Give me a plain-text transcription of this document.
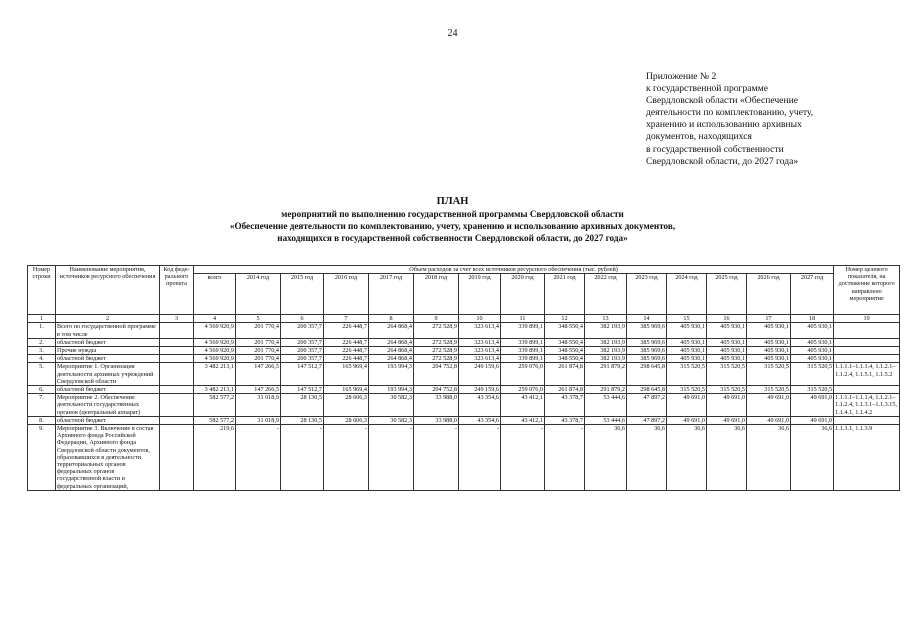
24
Приложение № 2
к государственной программе
Свердловской области «Обеспечение
деятельности по комплектованию, учету,
хранению и использованию архивных
документов, находящихся
в государственной собственности
Свердловской области, до 2027 года»
ПЛАН
мероприятий по выполнению государственной программы Свердловской области
«Обеспечение деятельности по комплектованию, учету, хранению и использованию архивных документов,
находящихся в государственной собственности Свердловской области, до 2027 года»
Номер строки	Наименование мероприятия, источников ресурсного обеспечения	Код феде-рального проекта	Объем расходов за счет всех источников ресурсного обеспечения (тыс. рублей)															Номер целевого показателя, на достижение которого направлено мероприятие
			всего	2014 год	2015 год	2016 год	2017 год	2018 год	2019 год	2020 год	2021 год	2022 год	2023 год	2024 год	2025 год	2026 год	2027 год	
1	2	3	4	5	6	7	8	9	10	11	12	13	14	15	16	17	18	19
1.	Всего по государственной программе в том числе		4 569 920,9	201 770,4	200 357,7	226 448,7	264 868,4	272 528,9	323 613,4	339 899,1	348 550,4	382 193,9	385 969,6	405 930,1	405 930,1	405 930,1	405 930,1	
2.	областной бюджет		4 569 920,9	201 770,4	200 357,7	226 448,7	264 868,4	272 528,9	323 613,4	339 899,1	348 550,4	382 193,9	385 969,6	405 930,1	405 930,1	405 930,1	405 930,1	
3.	Прочие нужды		4 569 920,9	201 770,4	200 357,7	226 448,7	264 868,4	272 528,9	323 613,4	339 899,1	348 550,4	382 193,9	385 969,6	405 930,1	405 930,1	405 930,1	405 930,1	
4.	областной бюджет		4 569 920,9	201 770,4	200 357,7	226 448,7	264 868,4	272 528,9	323 613,4	339 899,1	348 550,4	382 193,9	385 969,6	405 930,1	405 930,1	405 930,1	405 930,1	
5.	Мероприятие 1. Организация деятельности архивных учреждений Свердловской области		3 482 213,1	147 266,5	147 512,7	165 969,4	193 994,3	204 752,8	249 159,6	259 076,0	261 874,8	291 879,2	298 645,8	315 520,5	315 520,5	315 520,5	315 520,5	1.1.1.1–1.1.1.4, 1.1.2.1–1.1.2.4, 1.1.5.1, 1.1.5.2
6.	областной бюджет		3 482 213,1	147 266,5	147 512,7	165 969,4	193 994,3	204 752,8	249 159,6	259 076,0	261 874,8	291 879,2	298 645,8	315 520,5	315 520,5	315 520,5	315 520,5	
7.	Мероприятие 2. Обеспечение деятельности государственных органов (центральный аппарат)		582 577,2	31 018,9	28 130,5	28 606,3	30 582,3	33 988,0	43 354,6	43 412,1	43 378,7	53 444,6	47 897,2	49 691,0	49 691,0	49 691,0	49 691,0	1.1.1.1–1.1.1.4, 1.1.2.1–1.1.2.4, 1.1.3.1–1.1.3.15, 1.1.4.1, 1.1.4.2
8.	областной бюджет		582 577,2	31 018,9	28 130,5	28 606,3	30 582,3	33 988,0	43 354,6	43 412,1	43 378,7	53 444,6	47 897,2	49 691,0	49 691,0	49 691,0	49 691,0	
9.	Мероприятие 3. Включение в состав Архивного фонда Российской Федерации, Архивного фонда Свердловской области документов, образовавшихся в деятельности территориальных органов федеральных органов государственной власти и федеральных организаций,		219,6	-	-	-	-	-	-	-	-	36,6	36,6	36,6	36,6	36,6	36,6	1.1.3.1, 1.1.3.9
